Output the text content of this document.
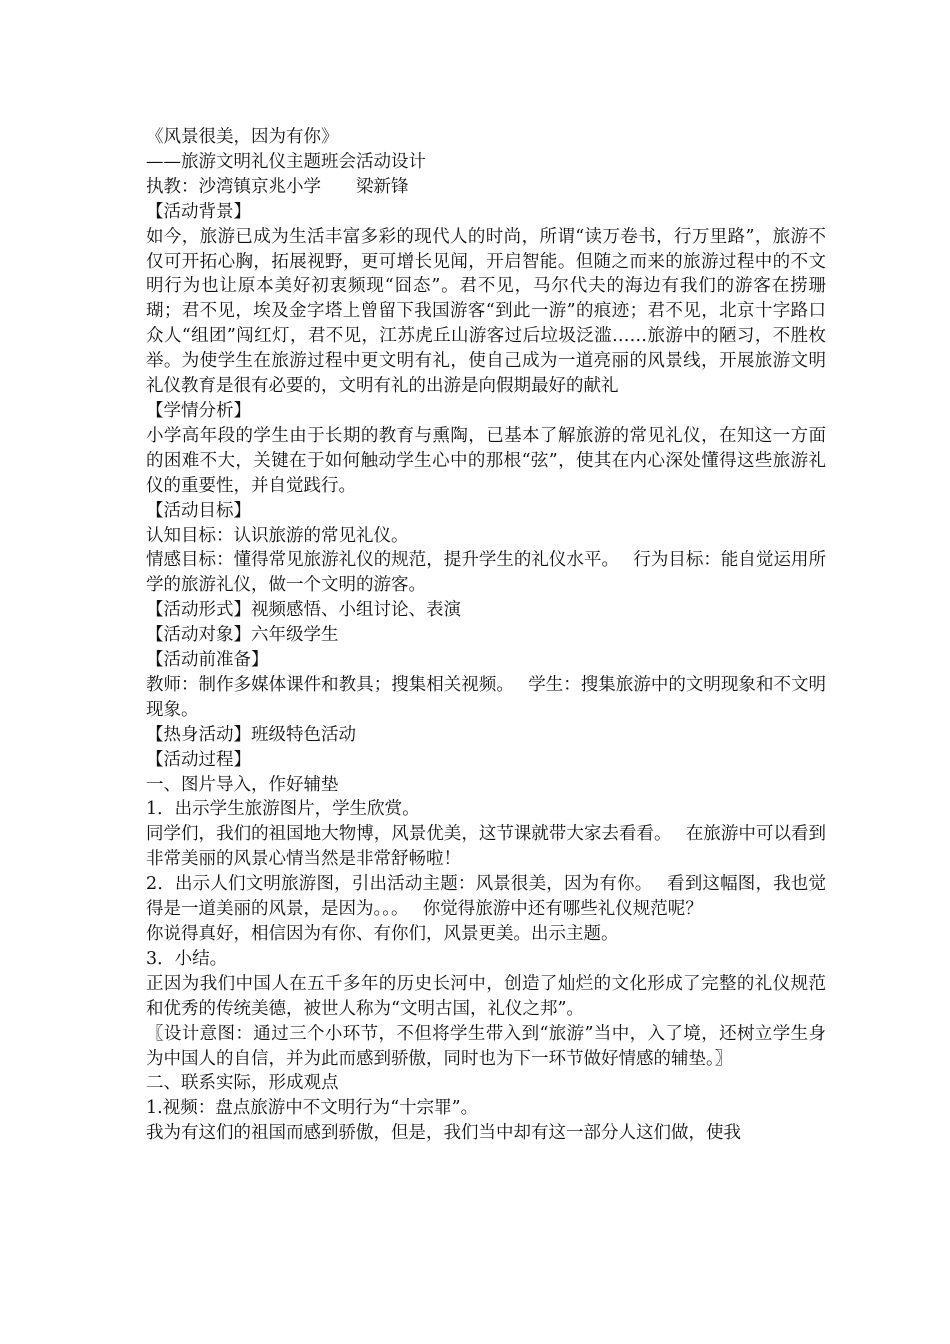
《风景很美，因为有你》

——旅游文明礼仪主题班会活动设计

执教：沙湾镇京兆小学　　梁新锋

【活动背景】

如今，旅游已成为生活丰富多彩的现代人的时尚，所谓“读万卷书，行万里路”，旅游不仅可开拓心胸，拓展视野，更可增长见闻，开启智能。但随之而来的旅游过程中的不文明行为也让原本美好初衷频现“囧态”。君不见，马尔代夫的海边有我们的游客在捞珊瑚；君不见，埃及金字塔上曾留下我国游客“到此一游”的痕迹；君不见，北京十字路口众人“组团”闯红灯，君不见，江苏虎丘山游客过后垃圾泛滥……旅游中的陋习，不胜枚举。为使学生在旅游过程中更文明有礼，使自己成为一道亮丽的风景线，开展旅游文明礼仪教育是很有必要的，文明有礼的出游是向假期最好的献礼

【学情分析】

小学高年段的学生由于长期的教育与熏陶，已基本了解旅游的常见礼仪，在知这一方面的困难不大，关键在于如何触动学生心中的那根“弦”，使其在内心深处懂得这些旅游礼仪的重要性，并自觉践行。

【活动目标】

认知目标：认识旅游的常见礼仪。

情感目标：懂得常见旅游礼仪的规范，提升学生的礼仪水平。　 行为目标：能自觉运用所学的旅游礼仪，做一个文明的游客。

【活动形式】视频感悟、小组讨论、表演

【活动对象】六年级学生

【活动前准备】

教师：制作多媒体课件和教具；搜集相关视频。　 学生：搜集旅游中的文明现象和不文明现象。

【热身活动】班级特色活动

【活动过程】

一、图片导入，作好辅垫

1．出示学生旅游图片，学生欣赏。

同学们，我们的祖国地大物博，风景优美，这节课就带大家去看看。　 在旅游中可以看到非常美丽的风景心情当然是非常舒畅啦！

2．出示人们文明旅游图，引出活动主题：风景很美，因为有你。　 看到这幅图，我也觉得是一道美丽的风景，是因为。。。　 你觉得旅游中还有哪些礼仪规范呢？

你说得真好，相信因为有你、有你们，风景更美。出示主题。

3．小结。

正因为我们中国人在五千多年的历史长河中，创造了灿烂的文化形成了完整的礼仪规范和优秀的传统美德，被世人称为“文明古国，礼仪之邦”。

〖设计意图：通过三个小环节，不但将学生带入到“旅游”当中，入了境，还树立学生身为中国人的自信，并为此而感到骄傲，同时也为下一环节做好情感的辅垫。〗

二、联系实际，形成观点

1.视频：盘点旅游中不文明行为“十宗罪”。

我为有这们的祖国而感到骄傲，但是，我们当中却有这一部分人这们做，使我
